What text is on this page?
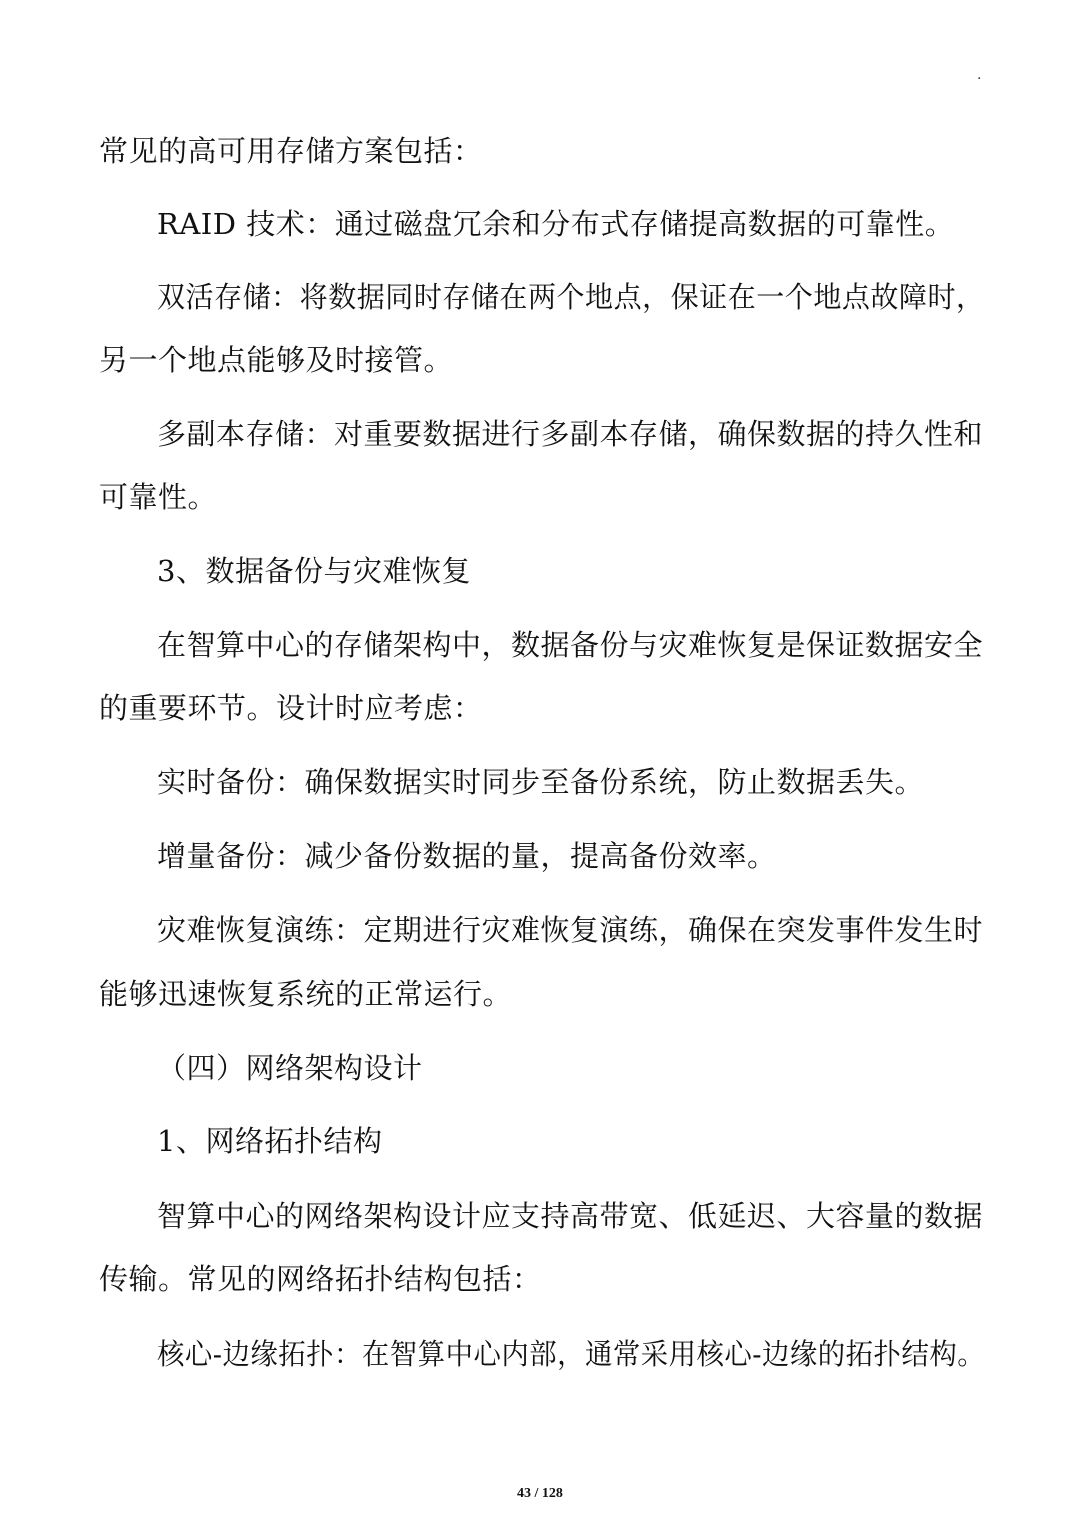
·
常见的高可用存储方案包括：
RAID 技术：通过磁盘冗余和分布式存储提高数据的可靠性。
双活存储：将数据同时存储在两个地点，保证在一个地点故障时，
另一个地点能够及时接管。
多副本存储：对重要数据进行多副本存储，确保数据的持久性和
可靠性。
3、数据备份与灾难恢复
在智算中心的存储架构中，数据备份与灾难恢复是保证数据安全
的重要环节。设计时应考虑：
实时备份：确保数据实时同步至备份系统，防止数据丢失。
增量备份：减少备份数据的量，提高备份效率。
灾难恢复演练：定期进行灾难恢复演练，确保在突发事件发生时
能够迅速恢复系统的正常运行。
（四）网络架构设计
1、网络拓扑结构
智算中心的网络架构设计应支持高带宽、低延迟、大容量的数据
传输。常见的网络拓扑结构包括：
核心-边缘拓扑：在智算中心内部，通常采用核心-边缘的拓扑结构。
43 / 128
